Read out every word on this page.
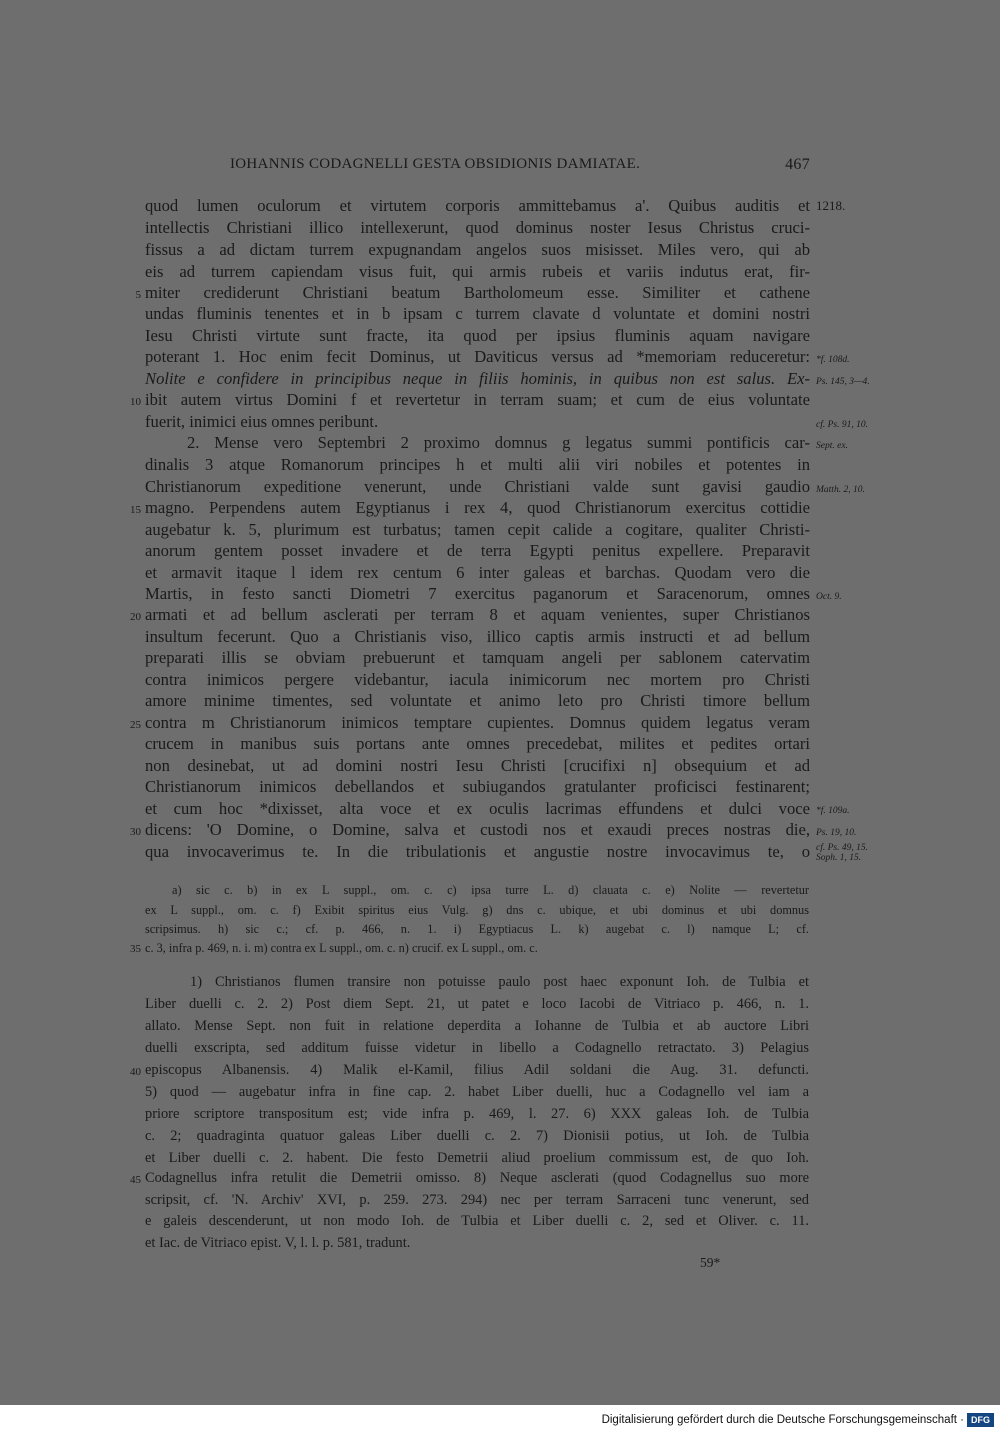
IOHANNIS CODAGNELLI GESTA OBSIDIONIS DAMIATAE.	467
1218.
quod lumen oculorum et virtutem corporis ammittebamus a'. Quibus auditis et
intellectis Christiani illico intellexerunt, quod dominus noster Iesus Christus cruci-
fissus a ad dictam turrem expugnandam angelos suos misisset. Miles vero, qui ab
eis ad turrem capiendam visus fuit, qui armis rubeis et variis indutus erat, fir-
miter crediderunt Christiani beatum Bartholomeum esse. Similiter et cathene
undas fluminis tenentes et in b ipsam c turrem clavate d voluntate et domini nostri
Iesu Christi virtute sunt fracte, ita quod per ipsius fluminis aquam navigare
poterant 1. Hoc enim fecit Dominus, ut Daviticus versus ad *memoriam reduceretur:
Nolite e confidere in principibus neque in filiis hominis, in quibus non est salus. Ex-
ibit autem virtus Domini f et revertetur in terram suam; et cum de eius voluntate
fuerit, inimici eius omnes peribunt.
2. Mense vero Septembri 2 proximo domnus g legatus summi pontificis car-
dinalis 3 atque Romanorum principes h et multi alii viri nobiles et potentes in
Christianorum expeditione venerunt, unde Christiani valde sunt gavisi gaudio
magno. Perpendens autem Egyptianus i rex 4, quod Christianorum exercitus cottidie
augebatur k. 5, plurimum est turbatus; tamen cepit calide a cogitare, qualiter Christi-
anorum gentem posset invadere et de terra Egypti penitus expellere. Preparavit
et armavit itaque l idem rex centum 6 inter galeas et barchas. Quodam vero die
Martis, in festo sancti Diometri 7 exercitus paganorum et Saracenorum, omnes
armati et ad bellum asclerati per terram 8 et aquam venientes, super Christianos
insultum fecerunt. Quo a Christianis viso, illico captis armis instructi et ad bellum
preparati illis se obviam prebuerunt et tamquam angeli per sablonem catervatim
contra inimicos pergere videbantur, iacula inimicorum nec mortem pro Christi
amore minime timentes, sed voluntate et animo leto pro Christi timore bellum
contra m Christianorum inimicos temptare cupientes. Domnus quidem legatus veram
crucem in manibus suis portans ante omnes precedebat, milites et pedites ortari
non desinebat, ut ad domini nostri Iesu Christi [crucifixi n] obsequium et ad
Christianorum inimicos debellandos et subiugandos gratulanter proficisci festinarent;
et cum hoc *dixisset, alta voce et ex oculis lacrimas effundens et dulci voce
dicens: 'O Domine, o Domine, salva et custodi nos et exaudi preces nostras die,
qua invocaverimus te. In die tribulationis et angustie nostre invocavimus te, o
5
10
15
20
25
30
35
40
45
*f. 108d.
Ps. 145, 3—4.
cf. Ps. 91, 10.
Sept. ex.
Matth. 2, 10.
Oct. 9.
*f. 109a.
Ps. 19, 10.
cf. Ps. 49, 15.
Soph. 1, 15.
a) sic c. b) in ex L suppl., om. c. c) ipsa turre L. d) clauata c. e) Nolite — revertetur
ex L suppl., om. c. f) Exibit spiritus eius Vulg. g) dns c. ubique, et ubi dominus et ubi domnus
scripsimus. h) sic c.; cf. p. 466, n. 1. i) Egyptiacus L. k) augebat c. l) namque L; cf.
c. 3, infra p. 469, n. i. m) contra ex L suppl., om. c. n) crucif. ex L suppl., om. c.
1) Christianos flumen transire non potuisse paulo post haec exponunt Ioh. de Tulbia et
Liber duelli c. 2. 2) Post diem Sept. 21, ut patet e loco Iacobi de Vitriaco p. 466, n. 1.
allato. Mense Sept. non fuit in relatione deperdita a Iohanne de Tulbia et ab auctore Libri
duelli exscripta, sed additum fuisse videtur in libello a Codagnello retractato. 3) Pelagius
episcopus Albanensis. 4) Malik el-Kamil, filius Adil soldani die Aug. 31. defuncti.
5) quod — augebatur infra in fine cap. 2. habet Liber duelli, huc a Codagnello vel iam a
priore scriptore transpositum est; vide infra p. 469, l. 27. 6) XXX galeas Ioh. de Tulbia
c. 2; quadraginta quatuor galeas Liber duelli c. 2. 7) Dionisii potius, ut Ioh. de Tulbia
et Liber duelli c. 2. habent. Die festo Demetrii aliud proelium commissum est, de quo Ioh.
Codagnellus infra retulit die Demetrii omisso. 8) Neque asclerati (quod Codagnellus suo more
scripsit, cf. 'N. Archiv' XVI, p. 259. 273. 294) nec per terram Sarraceni tunc venerunt, sed
e galeis descenderunt, ut non modo Ioh. de Tulbia et Liber duelli c. 2, sed et Oliver. c. 11.
et Iac. de Vitriaco epist. V, l. l. p. 581, tradunt.
59*
Digitalisierung gefördert durch die Deutsche Forschungsgemeinschaft · DFG
